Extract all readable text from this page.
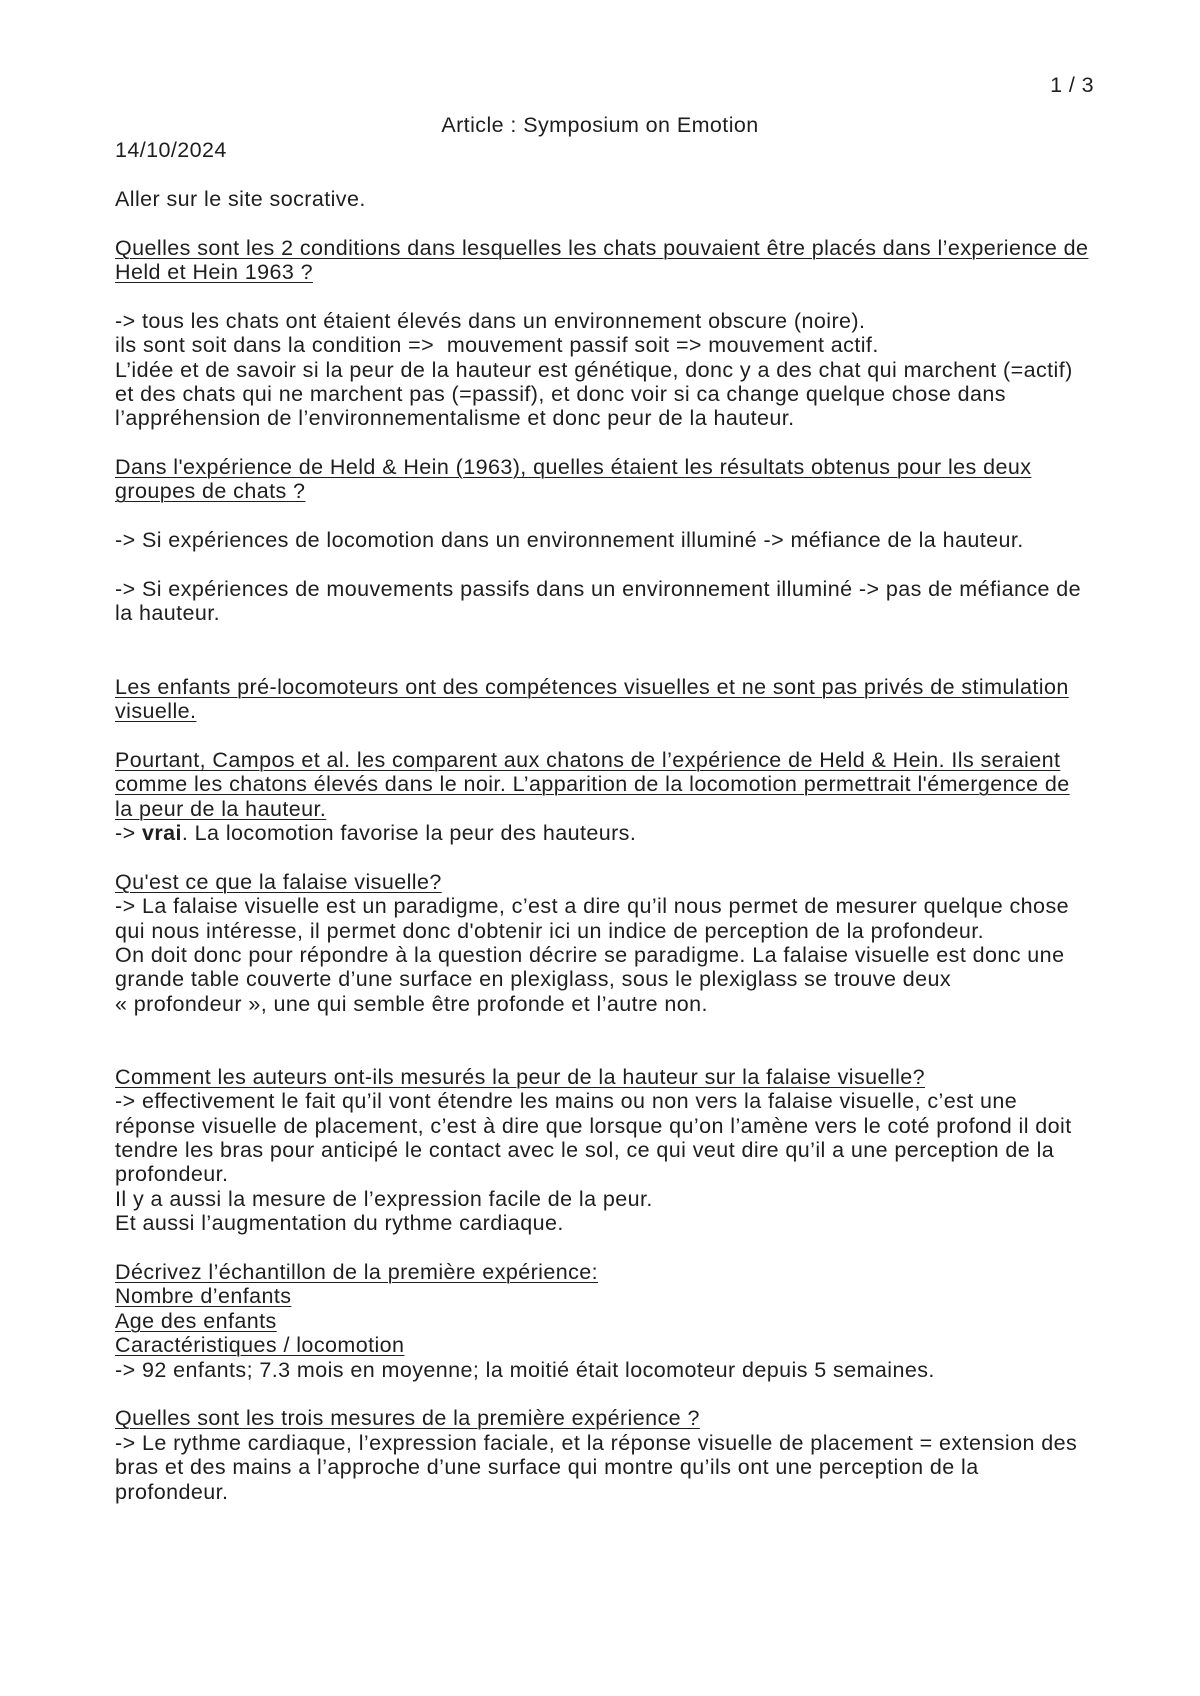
1 / 3
Article : Symposium on Emotion
14/10/2024
Aller sur le site socrative.
Quelles sont les 2 conditions dans lesquelles les chats pouvaient être placés dans l’experience de
Held et Hein 1963 ?
-> tous les chats ont étaient élevés dans un environnement obscure (noire).
ils sont soit dans la condition =>  mouvement passif soit => mouvement actif.
L’idée et de savoir si la peur de la hauteur est génétique, donc y a des chat qui marchent (=actif)
et des chats qui ne marchent pas (=passif), et donc voir si ca change quelque chose dans
l’appréhension de l’environnementalisme et donc peur de la hauteur.
Dans l'expérience de Held & Hein (1963), quelles étaient les résultats obtenus pour les deux
groupes de chats ?
-> Si expériences de locomotion dans un environnement illuminé -> méfiance de la hauteur.
-> Si expériences de mouvements passifs dans un environnement illuminé -> pas de méfiance de
la hauteur.
Les enfants pré-locomoteurs ont des compétences visuelles et ne sont pas privés de stimulation
visuelle.
Pourtant, Campos et al. les comparent aux chatons de l’expérience de Held & Hein. Ils seraient
comme les chatons élevés dans le noir. L’apparition de la locomotion permettrait l'émergence de
la peur de la hauteur.
-> vrai. La locomotion favorise la peur des hauteurs.
Qu'est ce que la falaise visuelle?
-> La falaise visuelle est un paradigme, c’est a dire qu’il nous permet de mesurer quelque chose
qui nous intéresse, il permet donc d'obtenir ici un indice de perception de la profondeur.
On doit donc pour répondre à la question décrire se paradigme. La falaise visuelle est donc une
grande table couverte d’une surface en plexiglass, sous le plexiglass se trouve deux
« profondeur », une qui semble être profonde et l’autre non.
Comment les auteurs ont-ils mesurés la peur de la hauteur sur la falaise visuelle?
-> effectivement le fait qu’il vont étendre les mains ou non vers la falaise visuelle, c’est une
réponse visuelle de placement, c’est à dire que lorsque qu’on l’amène vers le coté profond il doit
tendre les bras pour anticipé le contact avec le sol, ce qui veut dire qu’il a une perception de la
profondeur.
Il y a aussi la mesure de l’expression facile de la peur.
Et aussi l’augmentation du rythme cardiaque.
Décrivez l’échantillon de la première expérience:
Nombre d’enfants
Age des enfants
Caractéristiques / locomotion
-> 92 enfants; 7.3 mois en moyenne; la moitié était locomoteur depuis 5 semaines.
Quelles sont les trois mesures de la première expérience ?
-> Le rythme cardiaque, l’expression faciale, et la réponse visuelle de placement = extension des
bras et des mains a l’approche d’une surface qui montre qu’ils ont une perception de la
profondeur.
